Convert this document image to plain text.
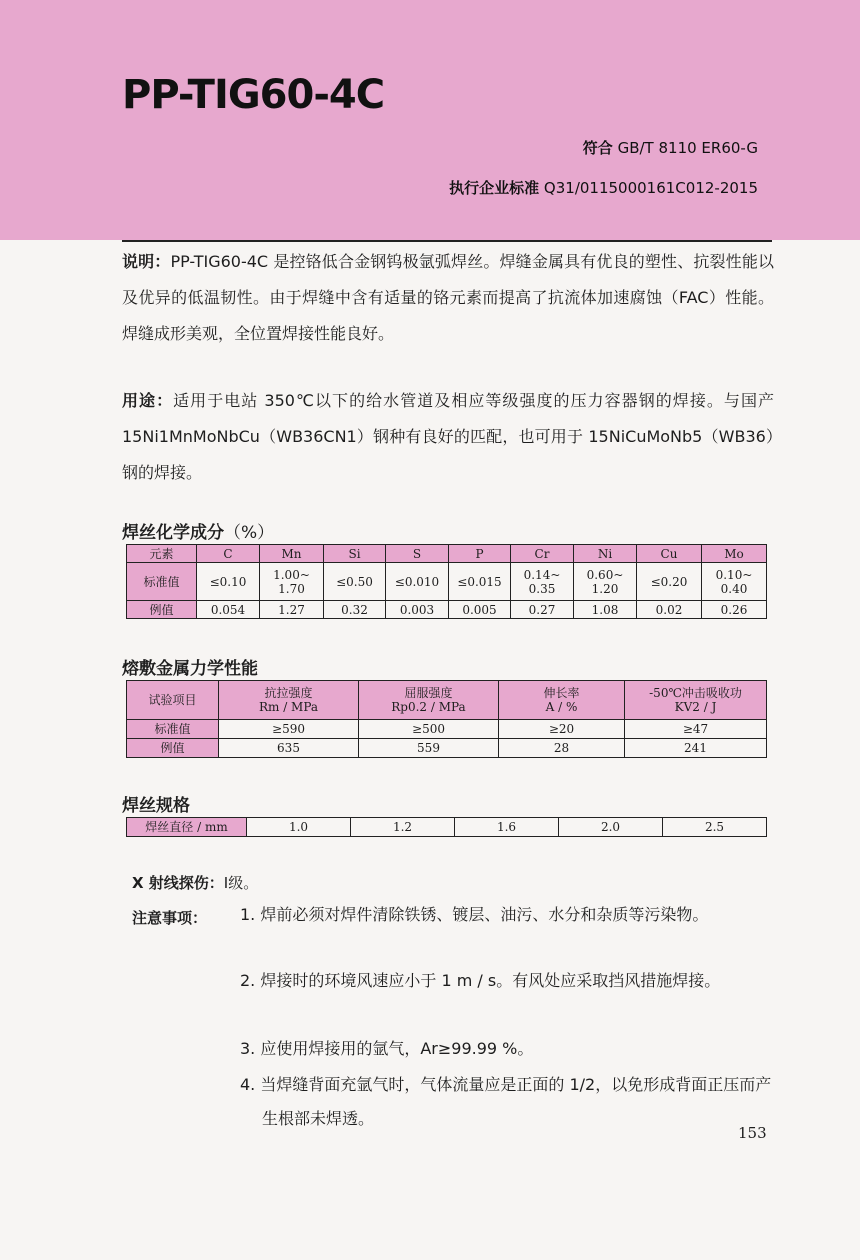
PP-TIG60-4C
符合 GB/T 8110 ER60-G
执行企业标准 Q31/0115000161C012-2015

说明：PP-TIG60-4C 是控铬低合金钢钨极氩弧焊丝。焊缝金属具有优良的塑性、抗裂性能以及优异的低温韧性。由于焊缝中含有适量的铬元素而提高了抗流体加速腐蚀（FAC）性能。焊缝成形美观，全位置焊接性能良好。

用途：适用于电站 350℃以下的给水管道及相应等级强度的压力容器钢的焊接。与国产 15Ni1MnMoNbCu（WB36CN1）钢种有良好的匹配，也可用于 15NiCuMoNb5（WB36）钢的焊接。

焊丝化学成分（%）
元素	C	Mn	Si	S	P	Cr	Ni	Cu	Mo
标准值	≤0.10	1.00~
1.70	≤0.50	≤0.010	≤0.015	0.14~
0.35	0.60~
1.20	≤0.20	0.10~
0.40
例值	0.054	1.27	0.32	0.003	0.005	0.27	1.08	0.02	0.26
熔敷金属力学性能
试验项目	抗拉强度
Rm / MPa	屈服强度
Rp0.2 / MPa	伸长率
A / %	-50℃冲击吸收功
KV2 / J
标准值	≥590	≥500	≥20	≥47
例值	635	559	28	241
焊丝规格
焊丝直径 / mm	1.0	1.2	1.6	2.0	2.5
X 射线探伤：Ⅰ级。
注意事项： 1. 焊前必须对焊件清除铁锈、镀层、油污、水分和杂质等污染物。
2. 焊接时的环境风速应小于 1 m / s。有风处应采取挡风措施焊接。
3. 应使用焊接用的氩气，Ar≥99.99 %。
4. 当焊缝背面充氩气时，气体流量应是正面的 1/2，以免形成背面正压而产生根部未焊透。
153
